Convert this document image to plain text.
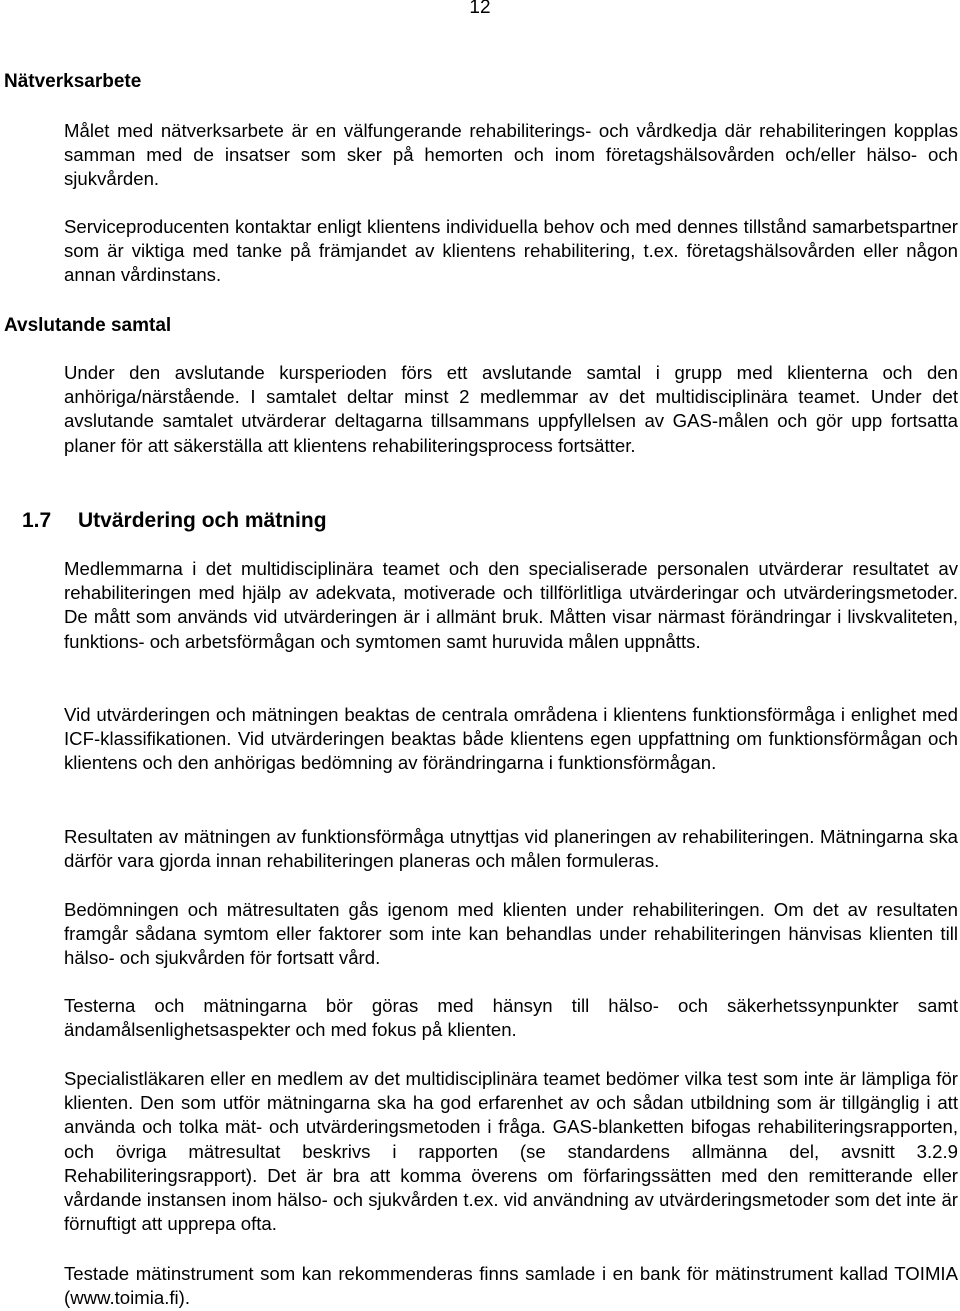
12
Nätverksarbete

Målet med nätverksarbete är en välfungerande rehabiliterings- och vårdkedja där rehabiliteringen kopplas samman med de insatser som sker på hemorten och inom företagshälsovården och/eller hälso- och sjukvården.

Serviceproducenten kontaktar enligt klientens individuella behov och med dennes tillstånd samarbetspartner som är viktiga med tanke på främjandet av klientens rehabilitering, t.ex. företagshälsovården eller någon annan vårdinstans.

Avslutande samtal

Under den avslutande kursperioden förs ett avslutande samtal i grupp med klienterna och den anhöriga/närstående. I samtalet deltar minst 2 medlemmar av det multidisciplinära teamet. Under det avslutande samtalet utvärderar deltagarna tillsammans uppfyllelsen av GAS-målen och gör upp fortsatta planer för att säkerställa att klientens rehabiliteringsprocess fortsätter.

1.7 Utvärdering och mätning

Medlemmarna i det multidisciplinära teamet och den specialiserade personalen utvärderar resultatet av rehabiliteringen med hjälp av adekvata, motiverade och tillförlitliga utvärderingar och utvärderingsmetoder. De mått som används vid utvärderingen är i allmänt bruk. Måtten visar närmast förändringar i livskvaliteten, funktions- och arbetsförmågan och symtomen samt huruvida målen uppnåtts.

Vid utvärderingen och mätningen beaktas de centrala områdena i klientens funktionsförmåga i enlighet med ICF-klassifikationen. Vid utvärderingen beaktas både klientens egen uppfattning om funktionsförmågan och klientens och den anhörigas bedömning av förändringarna i funktionsförmågan.

Resultaten av mätningen av funktionsförmåga utnyttjas vid planeringen av rehabiliteringen. Mätningarna ska därför vara gjorda innan rehabiliteringen planeras och målen formuleras.

Bedömningen och mätresultaten gås igenom med klienten under rehabiliteringen. Om det av resultaten framgår sådana symtom eller faktorer som inte kan behandlas under rehabiliteringen hänvisas klienten till hälso- och sjukvården för fortsatt vård.

Testerna och mätningarna bör göras med hänsyn till hälso- och säkerhetssynpunkter samt ändamålsenlighetsaspekter och med fokus på klienten.

Specialistläkaren eller en medlem av det multidisciplinära teamet bedömer vilka test som inte är lämpliga för klienten. Den som utför mätningarna ska ha god erfarenhet av och sådan utbildning som är tillgänglig i att använda och tolka mät- och utvärderingsmetoden i fråga. GAS-blanketten bifogas rehabiliteringsrapporten, och övriga mätresultat beskrivs i rapporten (se standardens allmänna del, avsnitt 3.2.9 Rehabiliteringsrapport). Det är bra att komma överens om förfaringssätten med den remitterande eller vårdande instansen inom hälso- och sjukvården t.ex. vid användning av utvärderingsmetoder som det inte är förnuftigt att upprepa ofta.

Testade mätinstrument som kan rekommenderas finns samlade i en bank för mätinstrument kallad TOIMIA (www.toimia.fi).
